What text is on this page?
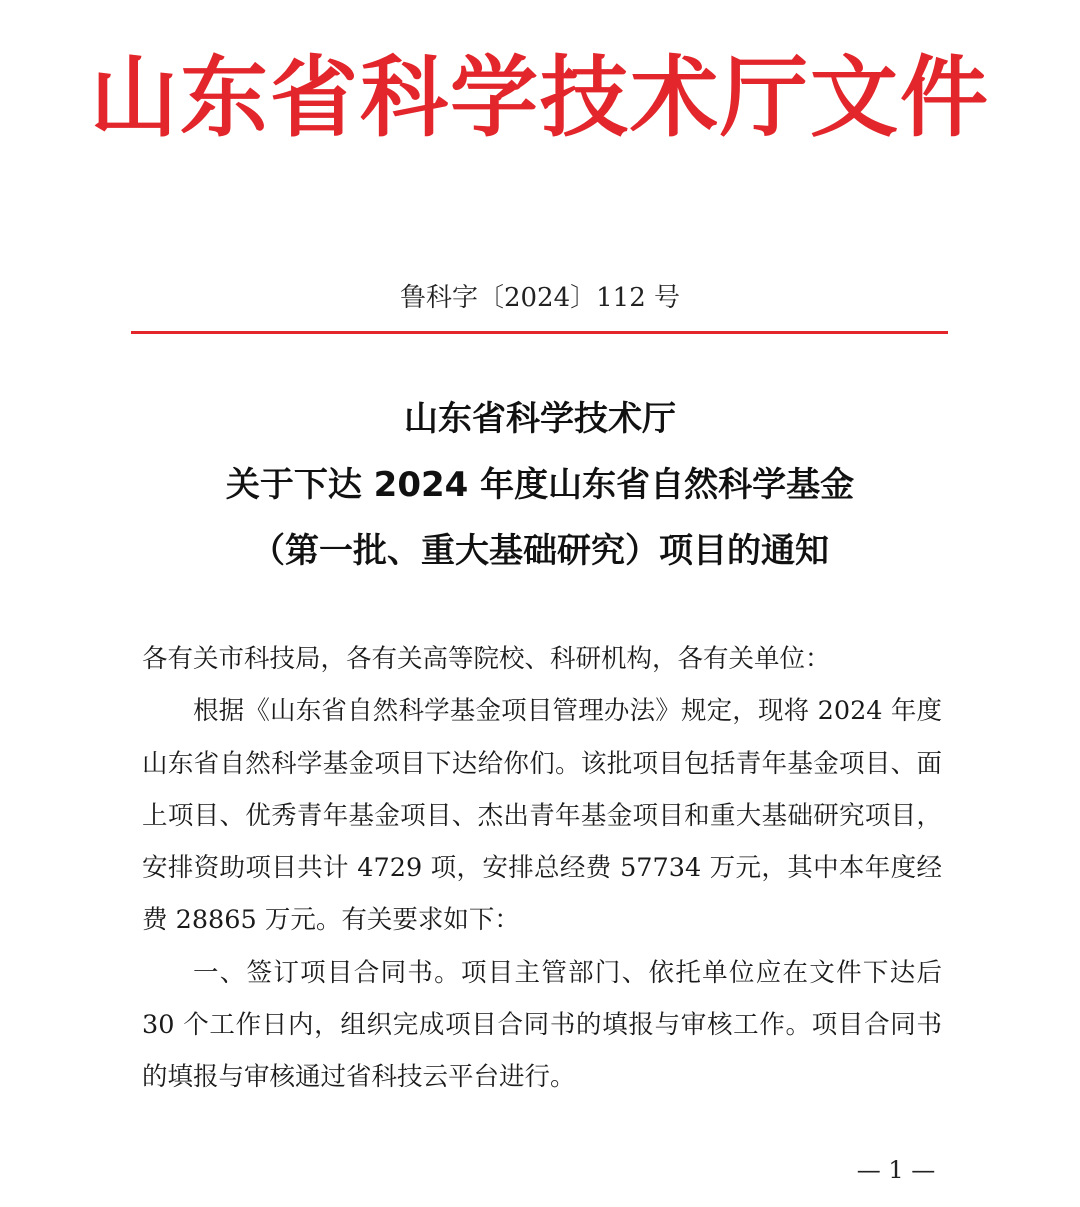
山东省科学技术厅文件
鲁科字〔2024〕112 号
山东省科学技术厅
关于下达 2024 年度山东省自然科学基金
（第一批、重大基础研究）项目的通知

各有关市科技局，各有关高等院校、科研机构，各有关单位：

根据《山东省自然科学基金项目管理办法》规定，现将 2024 年度山东省自然科学基金项目下达给你们。该批项目包括青年基金项目、面上项目、优秀青年基金项目、杰出青年基金项目和重大基础研究项目，安排资助项目共计 4729 项，安排总经费 57734 万元，其中本年度经费 28865 万元。有关要求如下：

一、签订项目合同书。项目主管部门、依托单位应在文件下达后 30 个工作日内，组织完成项目合同书的填报与审核工作。项目合同书的填报与审核通过省科技云平台进行。

— 1 —
